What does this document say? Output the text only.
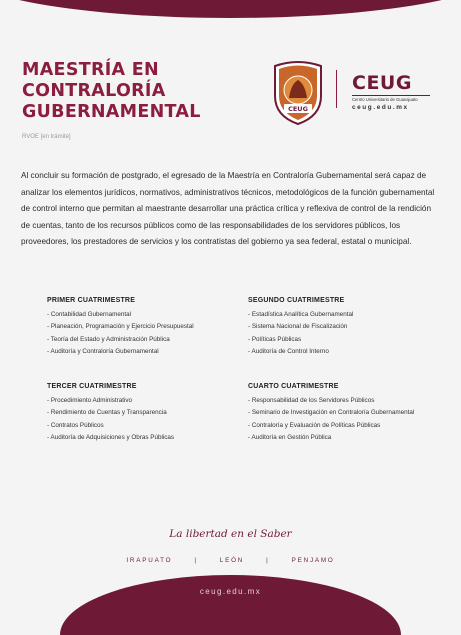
MAESTRÍA EN
CONTRALORÍA
GUBERNAMENTAL
RVOE [en trámite]
CEUG
CEUG
Centro Universitario de Guanajuato
ceug.edu.mx

Al concluir su formación de postgrado, el egresado de la Maestría en Contraloría Gubernamental será capaz de analizar los elementos jurídicos, normativos, administrativos técnicos, metodológicos de la función gubernamental de control interno que permitan al maestrante desarrollar una práctica crítica y reflexiva de control de la rendición de cuentas, tanto de los recursos públicos como de las responsabilidades de los servidores públicos, los proveedores, los prestadores de servicios y los contratistas del gobierno ya sea federal, estatal o municipal.

PRIMER CUATRIMESTRE
- Contabilidad Gubernamental
- Planeación, Programación y Ejercicio Presupuestal
- Teoría del Estado y Administración Pública
- Auditoría y Contraloría Gubernamental
SEGUNDO CUATRIMESTRE
- Estadística Analítica Gubernamental
- Sistema Nacional de Fiscalización
- Políticas Públicas
- Auditoría de Control Interno
TERCER CUATRIMESTRE
- Procedimiento Administrativo
- Rendimiento de Cuentas y Transparencia
- Contratos Públicos
- Auditoría de Adquisiciones y Obras Públicas
CUARTO CUATRIMESTRE
- Responsabilidad de los Servidores Públicos
- Seminario de Investigación en Contraloría Gubernamental
- Contraloría y Evaluación de Políticas Públicas
- Auditoría en Gestión Pública
La libertad en el Saber
IRAPUATO	|	LEÓN	|	PENJAMO
ceug.edu.mx
